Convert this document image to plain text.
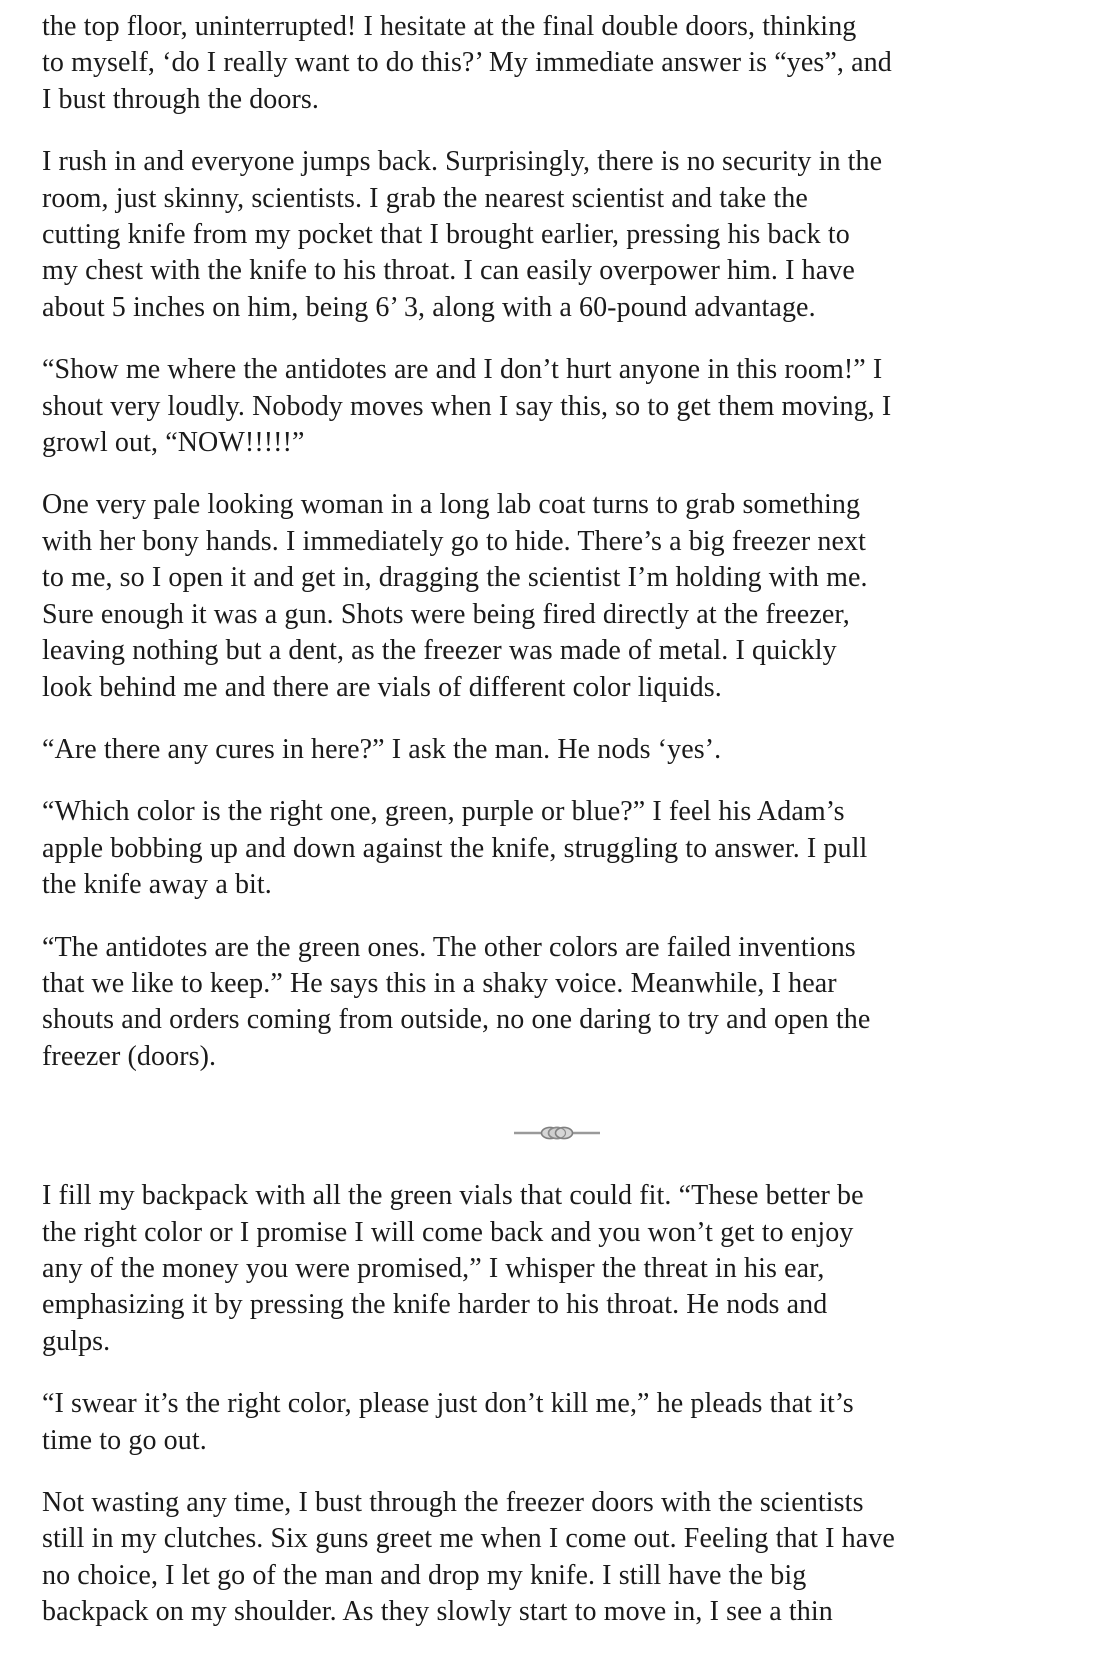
the top floor, uninterrupted! I hesitate at the final double doors, thinking
to myself, ‘do I really want to do this?’ My immediate answer is “yes”, and
I bust through the doors.

I rush in and everyone jumps back. Surprisingly, there is no security in the
room, just skinny, scientists. I grab the nearest scientist and take the
cutting knife from my pocket that I brought earlier, pressing his back to
my chest with the knife to his throat. I can easily overpower him. I have
about 5 inches on him, being 6’ 3, along with a 60-pound advantage.

“Show me where the antidotes are and I don’t hurt anyone in this room!” I
shout very loudly. Nobody moves when I say this, so to get them moving, I
growl out, “NOW!!!!!”

One very pale looking woman in a long lab coat turns to grab something
with her bony hands. I immediately go to hide. There’s a big freezer next
to me, so I open it and get in, dragging the scientist I’m holding with me.
Sure enough it was a gun. Shots were being fired directly at the freezer,
leaving nothing but a dent, as the freezer was made of metal. I quickly
look behind me and there are vials of different color liquids.

“Are there any cures in here?” I ask the man. He nods ‘yes’.

“Which color is the right one, green, purple or blue?” I feel his Adam’s
apple bobbing up and down against the knife, struggling to answer. I pull
the knife away a bit.

“The antidotes are the green ones. The other colors are failed inventions
that we like to keep.” He says this in a shaky voice. Meanwhile, I hear
shouts and orders coming from outside, no one daring to try and open the
freezer (doors).

I fill my backpack with all the green vials that could fit. “These better be
the right color or I promise I will come back and you won’t get to enjoy
any of the money you were promised,” I whisper the threat in his ear,
emphasizing it by pressing the knife harder to his throat. He nods and
gulps.

“I swear it’s the right color, please just don’t kill me,” he pleads that it’s
time to go out.

Not wasting any time, I bust through the freezer doors with the scientists
still in my clutches. Six guns greet me when I come out. Feeling that I have
no choice, I let go of the man and drop my knife. I still have the big
backpack on my shoulder. As they slowly start to move in, I see a thin
